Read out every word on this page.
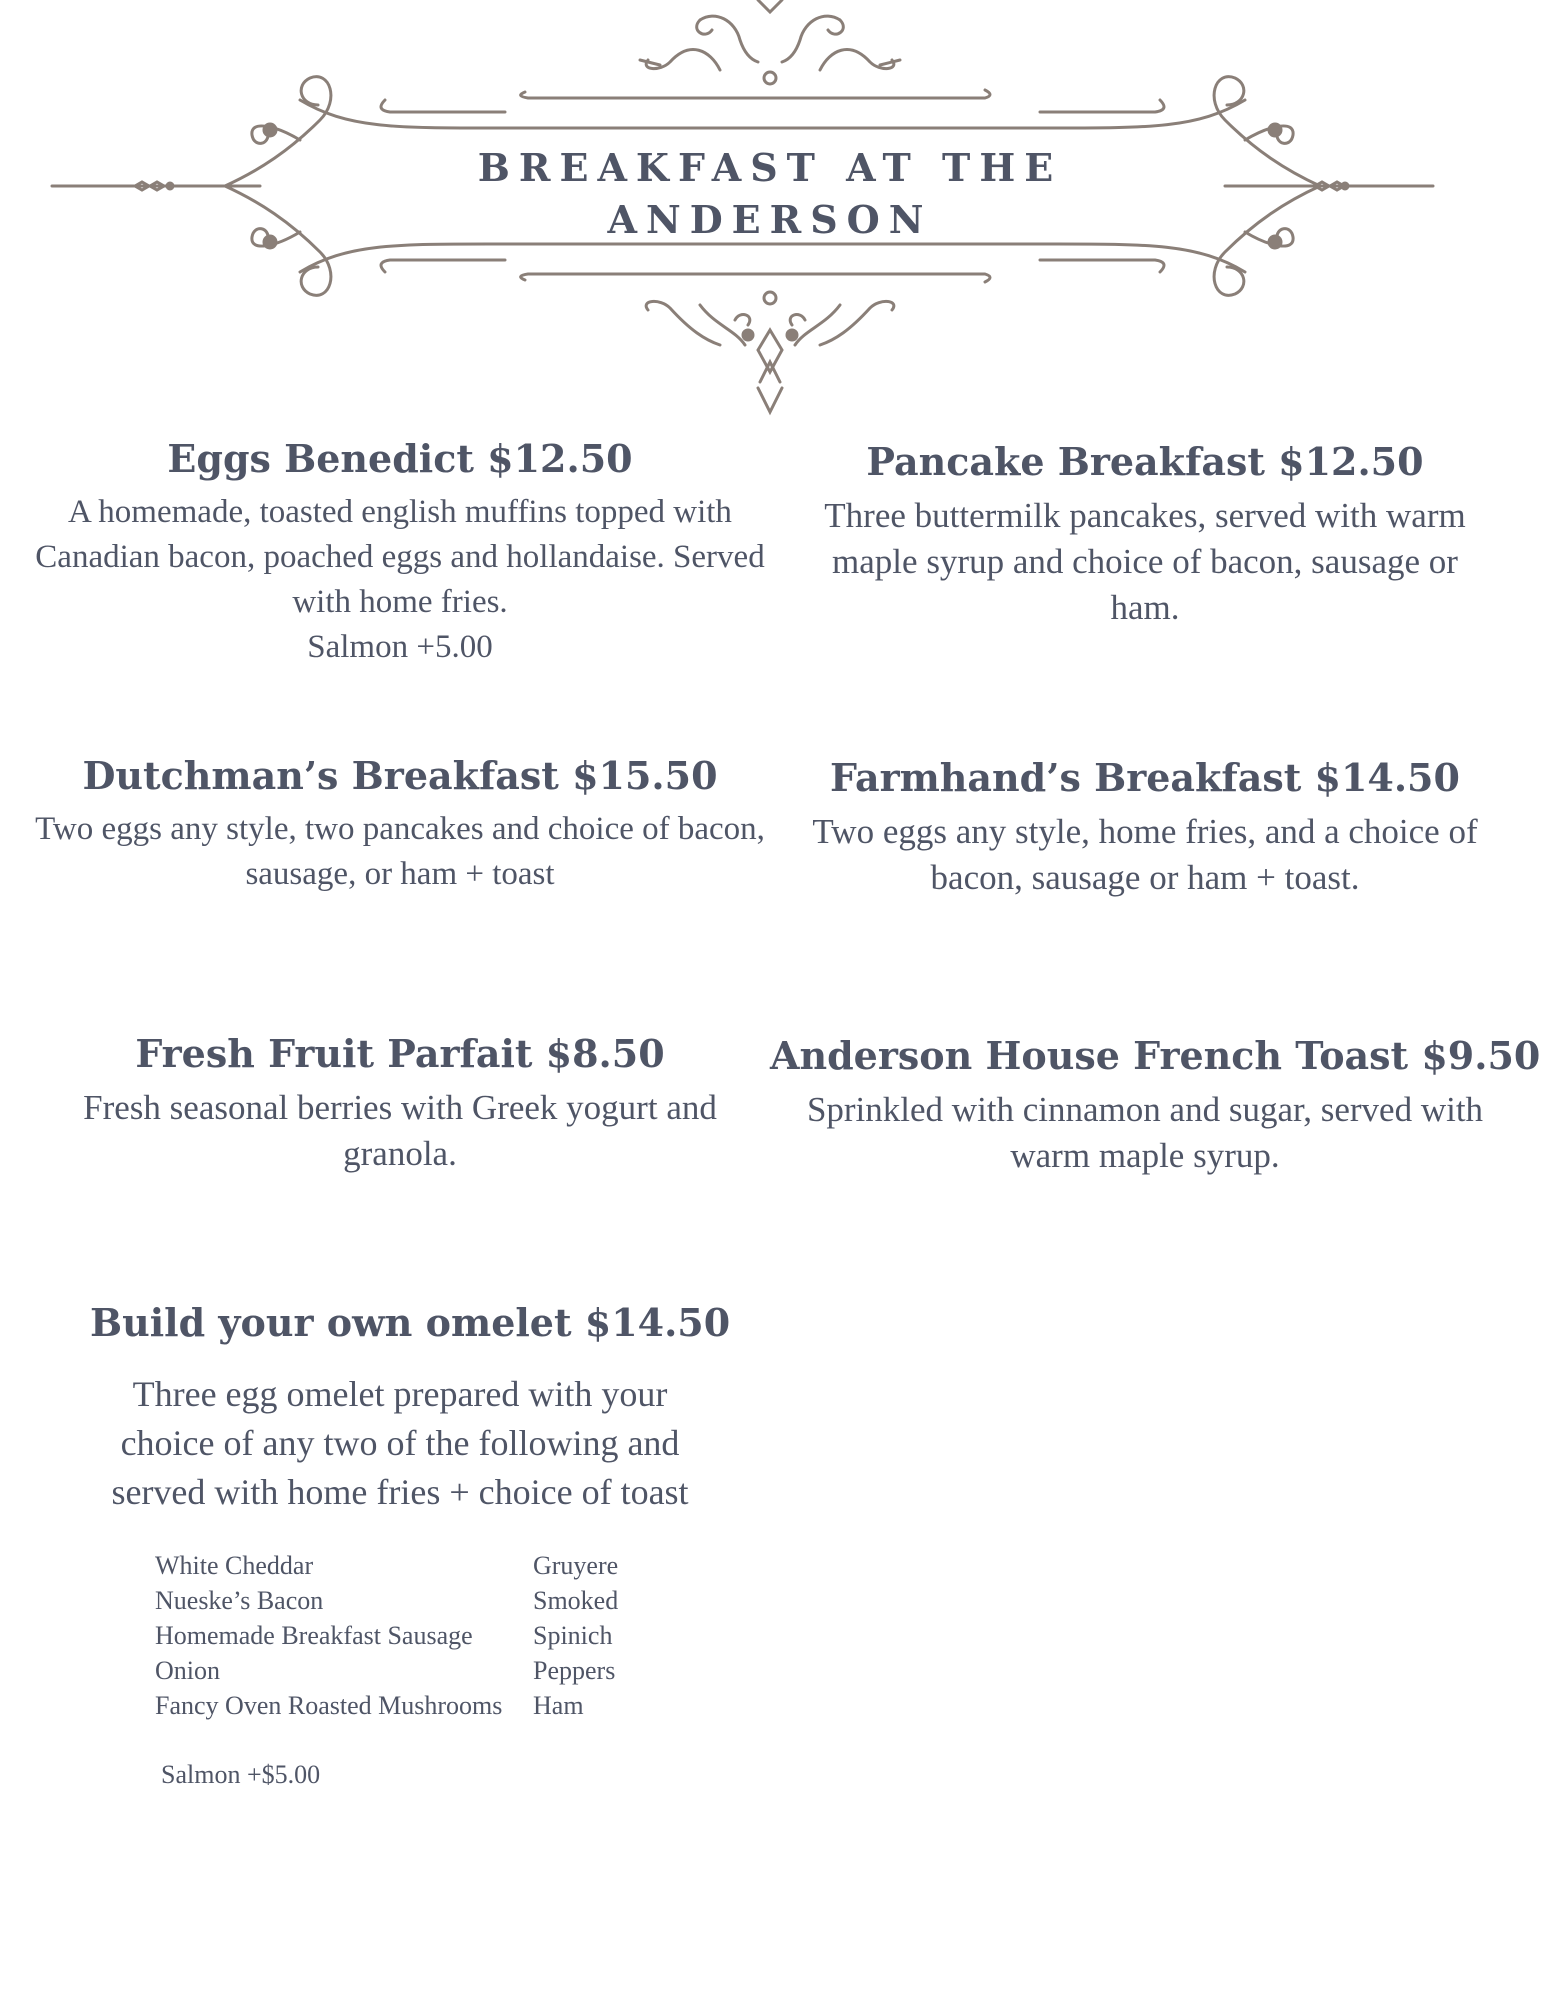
BREAKFAST AT THE
ANDERSON
Eggs Benedict $12.50

A homemade, toasted english muffins topped with Canadian bacon, poached eggs and hollandaise. Served with home fries.
Salmon +5.00

Pancake Breakfast $12.50

Three buttermilk pancakes, served with warm maple syrup and choice of bacon, sausage or ham.

Dutchman’s Breakfast $15.50

Two eggs any style, two pancakes and choice of bacon, sausage, or ham + toast

Farmhand’s Breakfast $14.50

Two eggs any style, home fries, and a choice of bacon, sausage or ham + toast.

Fresh Fruit Parfait $8.50

Fresh seasonal berries with Greek yogurt and granola.

Anderson House French Toast $9.50

Sprinkled with cinnamon and sugar, served with warm maple syrup.

Build your own omelet $14.50

Three egg omelet prepared with your choice of any two of the following and served with home fries + choice of toast

White Cheddar	Gruyere
Nueske’s Bacon	Smoked
Homemade Breakfast Sausage	Spinich
Onion	Peppers
Fancy Oven Roasted Mushrooms	Ham
Salmon +$5.00
